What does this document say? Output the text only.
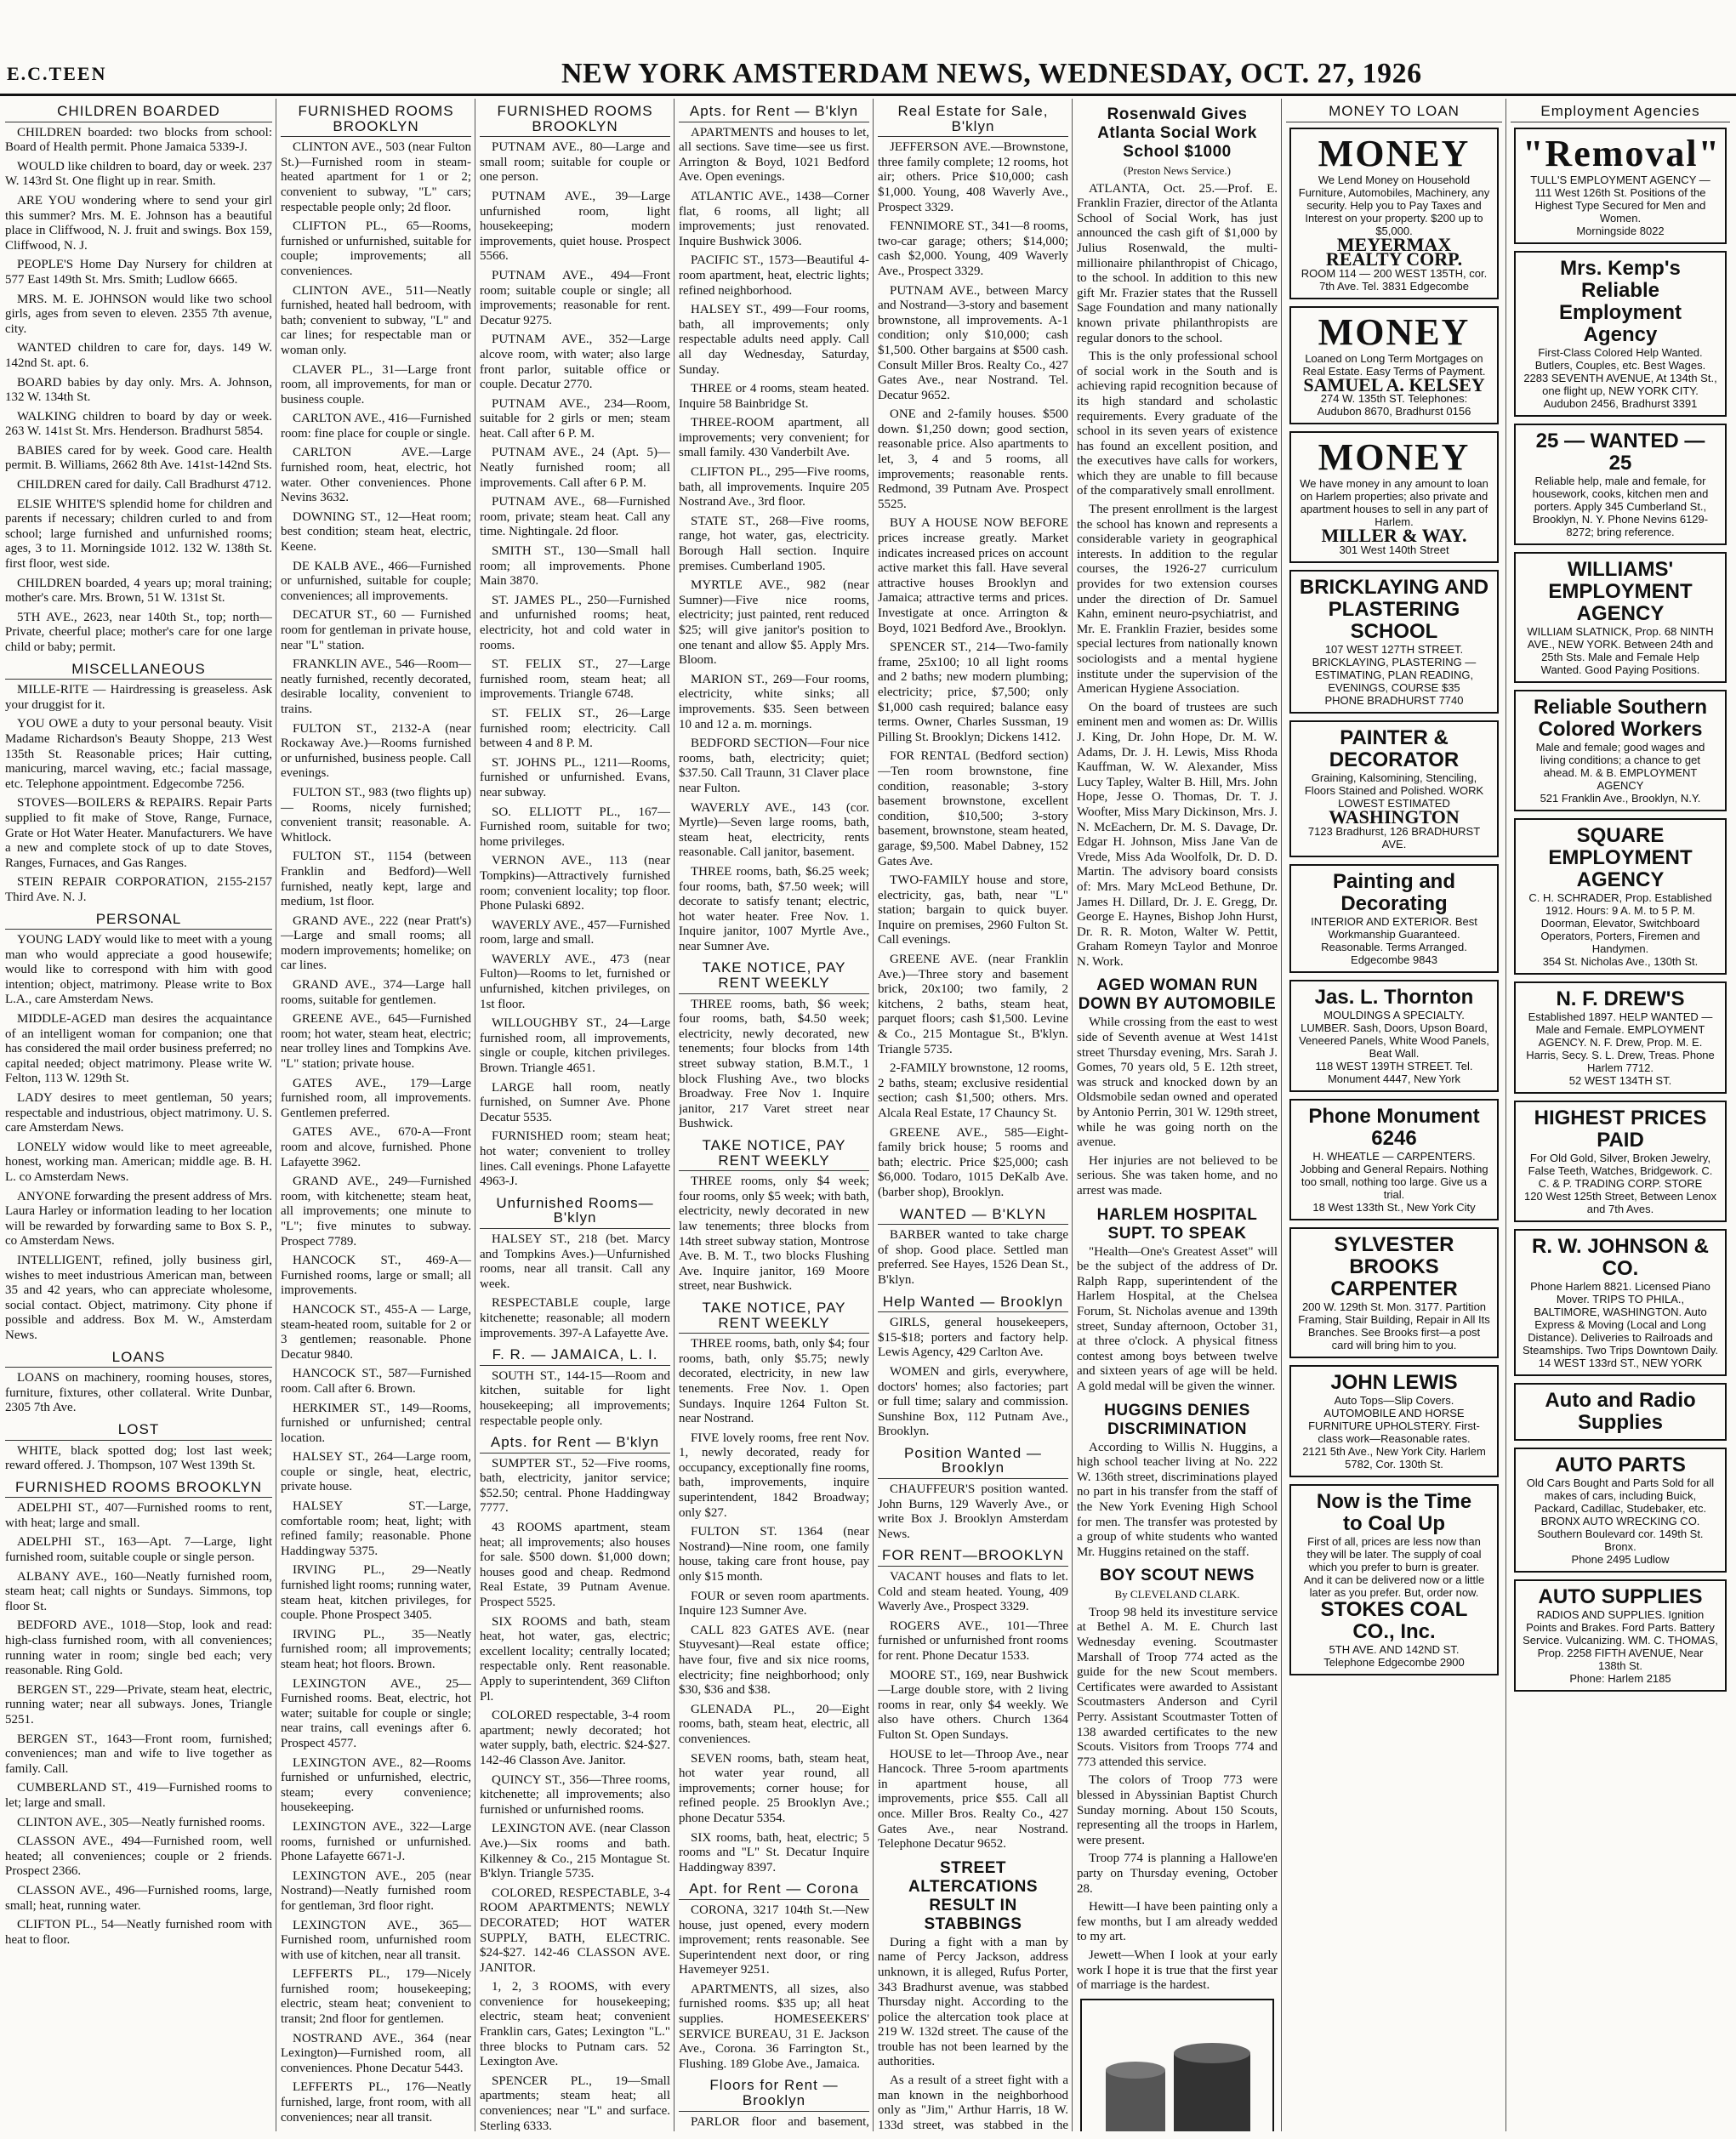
E.C.TEEN	NEW YORK AMSTERDAM NEWS, WEDNESDAY, OCT. 27, 1926
CHILDREN BOARDED

CHILDREN boarded: two blocks from school: Board of Health permit. Phone Jamaica 5339-J.

WOULD like children to board, day or week. 237 W. 143rd St. One flight up in rear. Smith.

ARE YOU wondering where to send your girl this summer? Mrs. M. E. Johnson has a beautiful place in Cliffwood, N. J. fruit and swings. Box 159, Cliffwood, N. J.

PEOPLE'S Home Day Nursery for children at 577 East 149th St. Mrs. Smith; Ludlow 6665.

MRS. M. E. JOHNSON would like two school girls, ages from seven to eleven. 2355 7th avenue, city.

WANTED children to care for, days. 149 W. 142nd St. apt. 6.

BOARD babies by day only. Mrs. A. Johnson, 132 W. 134th St.

WALKING children to board by day or week. 263 W. 141st St. Mrs. Henderson. Bradhurst 5854.

BABIES cared for by week. Good care. Health permit. B. Williams, 2662 8th Ave. 141st-142nd Sts.

CHILDREN cared for daily. Call Bradhurst 4712.

ELSIE WHITE'S splendid home for children and parents if necessary; children curled to and from school; large furnished and unfurnished rooms; ages, 3 to 11. Morningside 1012. 132 W. 138th St. first floor, west side.

CHILDREN boarded, 4 years up; moral training; mother's care. Mrs. Brown, 51 W. 131st St.

5TH AVE., 2623, near 140th St., top; north—Private, cheerful place; mother's care for one large child or baby; permit.

MISCELLANEOUS

MILLE-RITE — Hairdressing is greaseless. Ask your druggist for it.

YOU OWE a duty to your personal beauty. Visit Madame Richardson's Beauty Shoppe, 213 West 135th St. Reasonable prices; Hair cutting, manicuring, marcel waving, etc.; facial massage, etc. Telephone appointment. Edgecombe 7256.

STOVES—BOILERS & REPAIRS. Repair Parts supplied to fit make of Stove, Range, Furnace, Grate or Hot Water Heater. Manufacturers. We have a new and complete stock of up to date Stoves, Ranges, Furnaces, and Gas Ranges.

STEIN REPAIR CORPORATION, 2155-2157 Third Ave. N. J.

PERSONAL

YOUNG LADY would like to meet with a young man who would appreciate a good housewife; would like to correspond with him with good intention; object, matrimony. Please write to Box L.A., care Amsterdam News.

MIDDLE-AGED man desires the acquaintance of an intelligent woman for companion; one that has considered the mail order business preferred; no capital needed; object matrimony. Please write W. Felton, 113 W. 129th St.

LADY desires to meet gentleman, 50 years; respectable and industrious, object matrimony. U. S. care Amsterdam News.

LONELY widow would like to meet agreeable, honest, working man. American; middle age. B. H. L. co Amsterdam News.

ANYONE forwarding the present address of Mrs. Laura Harley or information leading to her location will be rewarded by forwarding same to Box S. P., co Amsterdam News.

INTELLIGENT, refined, jolly business girl, wishes to meet industrious American man, between 35 and 42 years, who can appreciate wholesome, social contact. Object, matrimony. City phone if possible and address. Box M. W., Amsterdam News.

LOANS

LOANS on machinery, rooming houses, stores, furniture, fixtures, other collateral. Write Dunbar, 2305 7th Ave.

LOST

WHITE, black spotted dog; lost last week; reward offered. J. Thompson, 107 West 139th St.

FURNISHED ROOMS BROOKLYN

ADELPHI ST., 407—Furnished rooms to rent, with heat; large and small.

ADELPHI ST., 163—Apt. 7—Large, light furnished room, suitable couple or single person.

ALBANY AVE., 160—Neatly furnished room, steam heat; call nights or Sundays. Simmons, top floor St.

BEDFORD AVE., 1018—Stop, look and read: high-class furnished room, with all conveniences; running water in room; single bed each; very reasonable. Ring Gold.

BERGEN ST., 229—Private, steam heat, electric, running water; near all subways. Jones, Triangle 5251.

BERGEN ST., 1643—Front room, furnished; conveniences; man and wife to live together as family. Call.

CUMBERLAND ST., 419—Furnished rooms to let; large and small.

CLINTON AVE., 305—Neatly furnished rooms.

CLASSON AVE., 494—Furnished room, well heated; all conveniences; couple or 2 friends. Prospect 2366.

CLASSON AVE., 496—Furnished rooms, large, small; heat, running water.

CLIFTON PL., 54—Neatly furnished room with heat to floor.

FURNISHED ROOMS BROOKLYN

CLINTON AVE., 503 (near Fulton St.)—Furnished room in steam-heated apartment for 1 or 2; convenient to subway, "L" cars; respectable people only; 2d floor.

CLIFTON PL., 65—Rooms, furnished or unfurnished, suitable for couple; improvements; all conveniences.

CLINTON AVE., 511—Neatly furnished, heated hall bedroom, with bath; convenient to subway, "L" and car lines; for respectable man or woman only.

CLAVER PL., 31—Large front room, all improvements, for man or business couple.

CARLTON AVE., 416—Furnished room: fine place for couple or single.

CARLTON AVE.—Large furnished room, heat, electric, hot water. Other conveniences. Phone Nevins 3632.

DOWNING ST., 12—Heat room; best condition; steam heat, electric, Keene.

DE KALB AVE., 466—Furnished or unfurnished, suitable for couple; conveniences; all improvements.

DECATUR ST., 60 — Furnished room for gentleman in private house, near "L" station.

FRANKLIN AVE., 546—Room—neatly furnished, recently decorated, desirable locality, convenient to trains.

FULTON ST., 2132-A (near Rockaway Ave.)—Rooms furnished or unfurnished, business people. Call evenings.

FULTON ST., 983 (two flights up) — Rooms, nicely furnished; convenient transit; reasonable. A. Whitlock.

FULTON ST., 1154 (between Franklin and Bedford)—Well furnished, neatly kept, large and medium, 1st floor.

GRAND AVE., 222 (near Pratt's)—Large and small rooms; all modern improvements; homelike; on car lines.

GRAND AVE., 374—Large hall rooms, suitable for gentlemen.

GREENE AVE., 645—Furnished room; hot water, steam heat, electric; near trolley lines and Tompkins Ave. "L" station; private house.

GATES AVE., 179—Large furnished room, all improvements. Gentlemen preferred.

GATES AVE., 670-A—Front room and alcove, furnished. Phone Lafayette 3962.

GRAND AVE., 249—Furnished room, with kitchenette; steam heat, all improvements; one minute to "L"; five minutes to subway. Prospect 7789.

HANCOCK ST., 469-A—Furnished rooms, large or small; all improvements.

HANCOCK ST., 455-A — Large, steam-heated room, suitable for 2 or 3 gentlemen; reasonable. Phone Decatur 9840.

HANCOCK ST., 587—Furnished room. Call after 6. Brown.

HERKIMER ST., 149—Rooms, furnished or unfurnished; central location.

HALSEY ST., 264—Large room, couple or single, heat, electric, private house.

HALSEY ST.—Large, comfortable room; heat, light; with refined family; reasonable. Phone Haddingway 5375.

IRVING PL., 29—Neatly furnished light rooms; running water, steam heat, kitchen privileges, for couple. Phone Prospect 3405.

IRVING PL., 35—Neatly furnished room; all improvements; steam heat; hot floors. Brown.

LEXINGTON AVE., 25—Furnished rooms. Beat, electric, hot water; suitable for couple or single; near trains, call evenings after 6. Prospect 4577.

LEXINGTON AVE., 82—Rooms furnished or unfurnished, electric, steam; every convenience; housekeeping.

LEXINGTON AVE., 322—Large rooms, furnished or unfurnished. Phone Lafayette 6671-J.

LEXINGTON AVE., 205 (near Nostrand)—Neatly furnished room for gentleman, 3rd floor right.

LEXINGTON AVE., 365—Furnished room, unfurnished room with use of kitchen, near all transit.

LEFFERTS PL., 179—Nicely furnished room; housekeeping; electric, steam heat; convenient to transit; 2nd floor for gentlemen.

NOSTRAND AVE., 364 (near Lexington)—Furnished room, all conveniences. Phone Decatur 5443.

LEFFERTS PL., 176—Neatly furnished, large, front room, with all conveniences; near all transit.

FURNISHED ROOMS BROOKLYN

PUTNAM AVE., 80—Large and small room; suitable for couple or one person.

PUTNAM AVE., 39—Large unfurnished room, light housekeeping; modern improvements, quiet house. Prospect 5566.

PUTNAM AVE., 494—Front room; suitable couple or single; all improvements; reasonable for rent. Decatur 9275.

PUTNAM AVE., 352—Large alcove room, with water; also large front parlor, suitable office or couple. Decatur 2770.

PUTNAM AVE., 234—Room, suitable for 2 girls or men; steam heat. Call after 6 P. M.

PUTNAM AVE., 24 (Apt. 5)—Neatly furnished room; all improvements. Call after 6 P. M.

PUTNAM AVE., 68—Furnished room, private; steam heat. Call any time. Nightingale. 2d floor.

SMITH ST., 130—Small hall room; all improvements. Phone Main 3870.

ST. JAMES PL., 250—Furnished and unfurnished rooms; heat, electricity, hot and cold water in rooms.

ST. FELIX ST., 27—Large furnished room, steam heat; all improvements. Triangle 6748.

ST. FELIX ST., 26—Large furnished room; electricity. Call between 4 and 8 P. M.

ST. JOHNS PL., 1211—Rooms, furnished or unfurnished. Evans, near subway.

SO. ELLIOTT PL., 167—Furnished room, suitable for two; home privileges.

VERNON AVE., 113 (near Tompkins)—Attractively furnished room; convenient locality; top floor. Phone Pulaski 6892.

WAVERLY AVE., 457—Furnished room, large and small.

WAVERLY AVE., 473 (near Fulton)—Rooms to let, furnished or unfurnished, kitchen privileges, on 1st floor.

WILLOUGHBY ST., 24—Large furnished room, all improvements, single or couple, kitchen privileges. Brown. Triangle 4651.

LARGE hall room, neatly furnished, on Sumner Ave. Phone Decatur 5535.

FURNISHED room; steam heat; hot water; convenient to trolley lines. Call evenings. Phone Lafayette 4963-J.

Unfurnished Rooms—B'klyn

HALSEY ST., 218 (bet. Marcy and Tompkins Aves.)—Unfurnished rooms, near all transit. Call any week.

RESPECTABLE couple, large kitchenette; reasonable; all modern improvements. 397-A Lafayette Ave.

F. R. — JAMAICA, L. I.

SOUTH ST., 144-15—Room and kitchen, suitable for light housekeeping; all improvements; respectable people only.

Apts. for Rent — B'klyn

SUMPTER ST., 52—Five rooms, bath, electricity, janitor service; $52.50; central. Phone Haddingway 7777.

43 ROOMS apartment, steam heat; all improvements; also houses for sale. $500 down. $1,000 down; houses good and cheap. Redmond Real Estate, 39 Putnam Avenue. Prospect 5525.

SIX ROOMS and bath, steam heat, hot water, gas, electric; excellent locality; centrally located; respectable only. Rent reasonable. Apply to superintendent, 369 Clifton Pl.

COLORED respectable, 3-4 room apartment; newly decorated; hot water supply, bath, electric. $24-$27. 142-46 Classon Ave. Janitor.

QUINCY ST., 356—Three rooms, kitchenette; all improvements; also furnished or unfurnished rooms.

LEXINGTON AVE. (near Classon Ave.)—Six rooms and bath. Kilkenney & Co., 215 Montague St. B'klyn. Triangle 5735.

COLORED, RESPECTABLE, 3-4 ROOM APARTMENTS; NEWLY DECORATED; HOT WATER SUPPLY, BATH, ELECTRIC. $24-$27. 142-46 CLASSON AVE. JANITOR.

1, 2, 3 ROOMS, with every convenience for housekeeping; electric, steam heat; convenient Franklin cars, Gates; Lexington "L." three blocks to Putnam cars. 52 Lexington Ave.

SPENCER PL., 19—Small apartments; steam heat; all conveniences; near "L" and surface. Sterling 6333.

Apts. for Rent — B'klyn

APARTMENTS and houses to let, all sections. Save time—see us first. Arrington & Boyd, 1021 Bedford Ave. Open evenings.

ATLANTIC AVE., 1438—Corner flat, 6 rooms, all light; all improvements; just renovated. Inquire Bushwick 3006.

PACIFIC ST., 1573—Beautiful 4-room apartment, heat, electric lights; refined neighborhood.

HALSEY ST., 499—Four rooms, bath, all improvements; only respectable adults need apply. Call all day Wednesday, Saturday, Sunday.

THREE or 4 rooms, steam heated. Inquire 58 Bainbridge St.

THREE-ROOM apartment, all improvements; very convenient; for small family. 430 Vanderbilt Ave.

CLIFTON PL., 295—Five rooms, bath, all improvements. Inquire 205 Nostrand Ave., 3rd floor.

STATE ST., 268—Five rooms, range, hot water, gas, electricity. Borough Hall section. Inquire premises. Cumberland 1905.

MYRTLE AVE., 982 (near Sumner)—Five nice rooms, electricity; just painted, rent reduced $25; will give janitor's position to one tenant and allow $5. Apply Mrs. Bloom.

MARION ST., 269—Four rooms, electricity, white sinks; all improvements. $35. Seen between 10 and 12 a. m. mornings.

BEDFORD SECTION—Four nice rooms, bath, electricity; quiet; $37.50. Call Traunn, 31 Claver place near Fulton.

WAVERLY AVE., 143 (cor. Myrtle)—Seven large rooms, bath, steam heat, electricity, rents reasonable. Call janitor, basement.

THREE rooms, bath, $6.25 week; four rooms, bath, $7.50 week; will decorate to satisfy tenant; electric, hot water heater. Free Nov. 1. Inquire janitor, 1007 Myrtle Ave., near Sumner Ave.

TAKE NOTICE, PAY RENT WEEKLY

THREE rooms, bath, $6 week; four rooms, bath, $4.50 week; electricity, newly decorated, new tenements; four blocks from 14th street subway station, B.M.T., 1 block Flushing Ave., two blocks Broadway. Free Nov 1. Inquire janitor, 217 Varet street near Bushwick.

TAKE NOTICE, PAY RENT WEEKLY

THREE rooms, only $4 week; four rooms, only $5 week; with bath, electricity, newly decorated in new law tenements; three blocks from 14th street subway station, Montrose Ave. B. M. T., two blocks Flushing Ave. Inquire janitor, 169 Moore street, near Bushwick.

TAKE NOTICE, PAY RENT WEEKLY

THREE rooms, bath, only $4; four rooms, bath, only $5.75; newly decorated, electricity, in new law tenements. Free Nov. 1. Open Sundays. Inquire 1264 Fulton St. near Nostrand.

FIVE lovely rooms, free rent Nov. 1, newly decorated, ready for occupancy, exceptionally fine rooms, bath, improvements, inquire superintendent, 1842 Broadway; only $27.

FULTON ST. 1364 (near Nostrand)—Nine room, one family house, taking care front house, pay only $15 month.

FOUR or seven room apartments. Inquire 123 Sumner Ave.

CALL 823 GATES AVE. (near Stuyvesant)—Real estate office; have four, five and six nice rooms, electricity; fine neighborhood; only $30, $36 and $38.

GLENADA PL., 20—Eight rooms, bath, steam heat, electric, all conveniences.

SEVEN rooms, bath, steam heat, hot water year round, all improvements; corner house; for refined people. 25 Brooklyn Ave.; phone Decatur 5354.

SIX rooms, bath, heat, electric; 5 rooms and "L" St. Decatur Inquire Haddingway 8397.

Apt. for Rent — Corona

CORONA, 3217 104th St.—New house, just opened, every modern improvement; rents reasonable. See Superintendent next door, or ring Havemeyer 9251.

APARTMENTS, all sizes, also furnished rooms. $35 up; all heat supplies. HOMESEEKERS' SERVICE BUREAU, 31 E. Jackson Ave., Corona. 36 Farrington St., Flushing. 189 Globe Ave., Jamaica.

Floors for Rent — Brooklyn

PARLOR floor and basement,

Real Estate for Sale, B'klyn

JEFFERSON AVE.—Brownstone, three family complete; 12 rooms, hot air; others. Price $10,000; cash $1,000. Young, 408 Waverly Ave., Prospect 3329.

FENNIMORE ST., 341—8 rooms, two-car garage; others; $14,000; cash $2,000. Young, 409 Waverly Ave., Prospect 3329.

PUTNAM AVE., between Marcy and Nostrand—3-story and basement brownstone, all improvements. A-1 condition; only $10,000; cash $1,500. Other bargains at $500 cash. Consult Miller Bros. Realty Co., 427 Gates Ave., near Nostrand. Tel. Decatur 9652.

ONE and 2-family houses. $500 down. $1,250 down; good section, reasonable price. Also apartments to let, 3, 4 and 5 rooms, all improvements; reasonable rents. Redmond, 39 Putnam Ave. Prospect 5525.

BUY A HOUSE NOW BEFORE prices increase greatly. Market indicates increased prices on account active market this fall. Have several attractive houses Brooklyn and Jamaica; attractive terms and prices. Investigate at once. Arrington & Boyd, 1021 Bedford Ave., Brooklyn.

SPENCER ST., 214—Two-family frame, 25x100; 10 all light rooms and 2 baths; new modern plumbing; electricity; price, $7,500; only $1,000 cash required; balance easy terms. Owner, Charles Sussman, 19 Pilling St. Brooklyn; Dickens 1412.

FOR RENTAL (Bedford section)—Ten room brownstone, fine condition, reasonable; 3-story basement brownstone, excellent condition, $10,500; 3-story basement, brownstone, steam heated, garage, $9,500. Mabel Dabney, 152 Gates Ave.

TWO-FAMILY house and store, electricity, gas, bath, near "L" station; bargain to quick buyer. Inquire on premises, 2960 Fulton St. Call evenings.

GREENE AVE. (near Franklin Ave.)—Three story and basement brick, 20x100; two family, 2 kitchens, 2 baths, steam heat, parquet floors; cash $1,500. Levine & Co., 215 Montague St., B'klyn. Triangle 5735.

2-FAMILY brownstone, 12 rooms, 2 baths, steam; exclusive residential section; cash $1,500; others. Mrs. Alcala Real Estate, 17 Chauncy St.

GREENE AVE., 585—Eight-family brick house; 5 rooms and bath; electric. Price $25,000; cash $6,000. Todaro, 1015 DeKalb Ave. (barber shop), Brooklyn.

WANTED — B'KLYN

BARBER wanted to take charge of shop. Good place. Settled man preferred. See Hayes, 1526 Dean St., B'klyn.

Help Wanted — Brooklyn

GIRLS, general housekeepers, $15-$18; porters and factory help. Lewis Agency, 429 Carlton Ave.

WOMEN and girls, everywhere, doctors' homes; also factories; part or full time; salary and commission. Sunshine Box, 112 Putnam Ave., Brooklyn.

Position Wanted — Brooklyn

CHAUFFEUR'S position wanted. John Burns, 129 Waverly Ave., or write Box J. Brooklyn Amsterdam News.

FOR RENT—BROOKLYN

VACANT houses and flats to let. Cold and steam heated. Young, 409 Waverly Ave., Prospect 3329.

ROGERS AVE., 101—Three furnished or unfurnished front rooms for rent. Phone Decatur 1533.

MOORE ST., 169, near Bushwick—Large double store, with 2 living rooms in rear, only $4 weekly. We also have others. Church 1364 Fulton St. Open Sundays.

HOUSE to let—Throop Ave., near Hancock. Three 5-room apartments in apartment house, all improvements, price $55. Call all once. Miller Bros. Realty Co., 427 Gates Ave., near Nostrand. Telephone Decatur 9652.

STREET ALTERCATIONS RESULT IN STABBINGS

During a fight with a man by name of Percy Jackson, address unknown, it is alleged, Rufus Porter, 343 Bradhurst avenue, was stabbed Thursday night. According to the police the altercation took place at 219 W. 132d street. The cause of the trouble has not been learned by the authorities.

As a result of a street fight with a man known in the neighborhood only as "Jim," Arthur Harris, 18 W. 133d street, was stabbed in the

Rosenwald Gives Atlanta Social Work School $1000
(Preston News Service.)

ATLANTA, Oct. 25.—Prof. E. Franklin Frazier, director of the Atlanta School of Social Work, has just announced the cash gift of $1,000 by Julius Rosenwald, the multi-millionaire philanthropist of Chicago, to the school. In addition to this new gift Mr. Frazier states that the Russell Sage Foundation and many nationally known private philanthropists are regular donors to the school.

This is the only professional school of social work in the South and is achieving rapid recognition because of its high standard and scholastic requirements. Every graduate of the school in its seven years of existence has found an excellent position, and the executives have calls for workers, which they are unable to fill because of the comparatively small enrollment.

The present enrollment is the largest the school has known and represents a considerable variety in geographical interests. In addition to the regular courses, the 1926-27 curriculum provides for two extension courses under the direction of Dr. Samuel Kahn, eminent neuro-psychiatrist, and Mr. E. Franklin Frazier, besides some special lectures from nationally known sociologists and a mental hygiene institute under the supervision of the American Hygiene Association.

On the board of trustees are such eminent men and women as: Dr. Willis J. King, Dr. John Hope, Dr. M. W. Adams, Dr. J. H. Lewis, Miss Rhoda Kauffman, W. W. Alexander, Miss Lucy Tapley, Walter B. Hill, Mrs. John Hope, Jesse O. Thomas, Dr. T. J. Woofter, Miss Mary Dickinson, Mrs. J. N. McEachern, Dr. M. S. Davage, Dr. Edgar H. Johnson, Miss Jane Van de Vrede, Miss Ada Woolfolk, Dr. D. D. Martin. The advisory board consists of: Mrs. Mary McLeod Bethune, Dr. James H. Dillard, Dr. J. E. Gregg, Dr. George E. Haynes, Bishop John Hurst, Dr. R. R. Moton, Walter W. Pettit, Graham Romeyn Taylor and Monroe N. Work.

AGED WOMAN RUN DOWN BY AUTOMOBILE

While crossing from the east to west side of Seventh avenue at West 141st street Thursday evening, Mrs. Sarah J. Gomes, 70 years old, 5 E. 12th street, was struck and knocked down by an Oldsmobile sedan owned and operated by Antonio Perrin, 301 W. 129th street, while he was going north on the avenue.

Her injuries are not believed to be serious. She was taken home, and no arrest was made.

HARLEM HOSPITAL SUPT. TO SPEAK

"Health—One's Greatest Asset" will be the subject of the address of Dr. Ralph Rapp, superintendent of the Harlem Hospital, at the Chelsea Forum, St. Nicholas avenue and 139th street, Sunday afternoon, October 31, at three o'clock. A physical fitness contest among boys between twelve and sixteen years of age will be held. A gold medal will be given the winner.

HUGGINS DENIES DISCRIMINATION

According to Willis N. Huggins, a high school teacher living at No. 222 W. 136th street, discriminations played no part in his transfer from the staff of the New York Evening High School for men. The transfer was protested by a group of white students who wanted Mr. Huggins retained on the staff.

BOY SCOUT NEWS
By CLEVELAND CLARK.

Troop 98 held its investiture service at Bethel A. M. E. Church last Wednesday evening. Scoutmaster Marshall of Troop 774 acted as the guide for the new Scout members. Certificates were awarded to Assistant Scoutmasters Anderson and Cyril Perry. Assistant Scoutmaster Totten of 138 awarded certificates to the new Scouts. Visitors from Troops 774 and 773 attended this service.

The colors of Troop 773 were blessed in Abyssinian Baptist Church Sunday morning. About 150 Scouts, representing all the troops in Harlem, were present.

Troop 774 is planning a Hallowe'en party on Thursday evening, October 28.

Hewitt—I have been painting only a few months, but I am already wedded to my art.

Jewett—When I look at your early work I hope it is true that the first year of marriage is the hardest.

MONEY TO LOAN
MONEY
We Lend Money on Household Furniture, Automobiles, Machinery, any security. Help you to Pay Taxes and Interest on your property. $200 up to $5,000.
MEYERMAX REALTY CORP.
ROOM 114 — 200 WEST 135TH, cor. 7th Ave. Tel. 3831 Edgecombe
MONEY
Loaned on Long Term Mortgages on Real Estate. Easy Terms of Payment.
SAMUEL A. KELSEY
274 W. 135th ST. Telephones: Audubon 8670, Bradhurst 0156
MONEY
We have money in any amount to loan on Harlem properties; also private and apartment houses to sell in any part of Harlem.
MILLER & WAY.
301 West 140th Street
BRICKLAYING AND PLASTERING SCHOOL
107 WEST 127TH STREET. BRICKLAYING, PLASTERING — ESTIMATING, PLAN READING, EVENINGS, COURSE $35
PHONE BRADHURST 7740
PAINTER & DECORATOR
Graining, Kalsomining, Stenciling, Floors Stained and Polished. WORK LOWEST ESTIMATED
WASHINGTON
7123 Bradhurst, 126 BRADHURST AVE.
Painting and Decorating
INTERIOR AND EXTERIOR. Best Workmanship Guaranteed. Reasonable. Terms Arranged.
Edgecombe 9843
Jas. L. Thornton
MOULDINGS A SPECIALTY. LUMBER. Sash, Doors, Upson Board, Veneered Panels, White Wood Panels, Beat Wall.
118 WEST 139TH STREET. Tel. Monument 4447, New York
Phone Monument 6246
H. WHEATLE — CARPENTERS. Jobbing and General Repairs. Nothing too small, nothing too large. Give us a trial.
18 West 133th St., New York City
SYLVESTER BROOKS CARPENTER
200 W. 129th St. Mon. 3177. Partition Framing, Stair Building, Repair in All Its Branches. See Brooks first—a post card will bring him to you.
JOHN LEWIS
Auto Tops—Slip Covers. AUTOMOBILE AND HORSE FURNITURE UPHOLSTERY. First-class work—Reasonable rates.
2121 5th Ave., New York City. Harlem 5782, Cor. 130th St.
Now is the Time
to Coal Up
First of all, prices are less now than they will be later. The supply of coal which you prefer to burn is greater. And it can be delivered now or a little later as you prefer. But, order now.
STOKES COAL CO., Inc.
5TH AVE. AND 142ND ST.
Telephone Edgecombe 2900
Employment Agencies
"Removal"
TULL'S EMPLOYMENT AGENCY — 111 West 126th St. Positions of the Highest Type Secured for Men and Women.
Morningside 8022
Mrs. Kemp's Reliable Employment Agency
First-Class Colored Help Wanted. Butlers, Couples, etc. Best Wages. 2283 SEVENTH AVENUE, At 134th St., one flight up, NEW YORK CITY.
Audubon 2456, Bradhurst 3391
25 — WANTED — 25
Reliable help, male and female, for housework, cooks, kitchen men and porters. Apply 345 Cumberland St., Brooklyn, N. Y. Phone Nevins 6129-8272; bring reference.
WILLIAMS' EMPLOYMENT AGENCY
WILLIAM SLATNICK, Prop. 68 NINTH AVE., NEW YORK. Between 24th and 25th Sts. Male and Female Help Wanted. Good Paying Positions.
Reliable Southern Colored Workers
Male and female; good wages and living conditions; a chance to get ahead. M. & B. EMPLOYMENT AGENCY
521 Franklin Ave., Brooklyn, N.Y.
SQUARE EMPLOYMENT AGENCY
C. H. SCHRADER, Prop. Established 1912. Hours: 9 A. M. to 5 P. M. Doorman, Elevator, Switchboard Operators, Porters, Firemen and Handymen.
354 St. Nicholas Ave., 130th St.
N. F. DREW'S
Established 1897. HELP WANTED — Male and Female. EMPLOYMENT AGENCY. N. F. Drew, Prop. M. E. Harris, Secy. S. L. Drew, Treas. Phone Harlem 7712.
52 WEST 134TH ST.
HIGHEST PRICES PAID
For Old Gold, Silver, Broken Jewelry, False Teeth, Watches, Bridgework. C. C. & P. TRADING CORP. STORE
120 West 125th Street, Between Lenox and 7th Aves.
R. W. JOHNSON & CO.
Phone Harlem 8821. Licensed Piano Mover. TRIPS TO PHILA., BALTIMORE, WASHINGTON. Auto Express & Moving (Local and Long Distance). Deliveries to Railroads and Steamships. Two Trips Downtown Daily.
14 WEST 133rd ST., NEW YORK
Auto and Radio Supplies
AUTO PARTS
Old Cars Bought and Parts Sold for all makes of cars, including Buick, Packard, Cadillac, Studebaker, etc. BRONX AUTO WRECKING CO. Southern Boulevard cor. 149th St. Bronx.
Phone 2495 Ludlow
AUTO SUPPLIES
RADIOS AND SUPPLIES. Ignition Points and Brakes. Ford Parts. Battery Service. Vulcanizing. WM. C. THOMAS, Prop. 2258 FIFTH AVENUE, Near 138th St.
Phone: Harlem 2185
